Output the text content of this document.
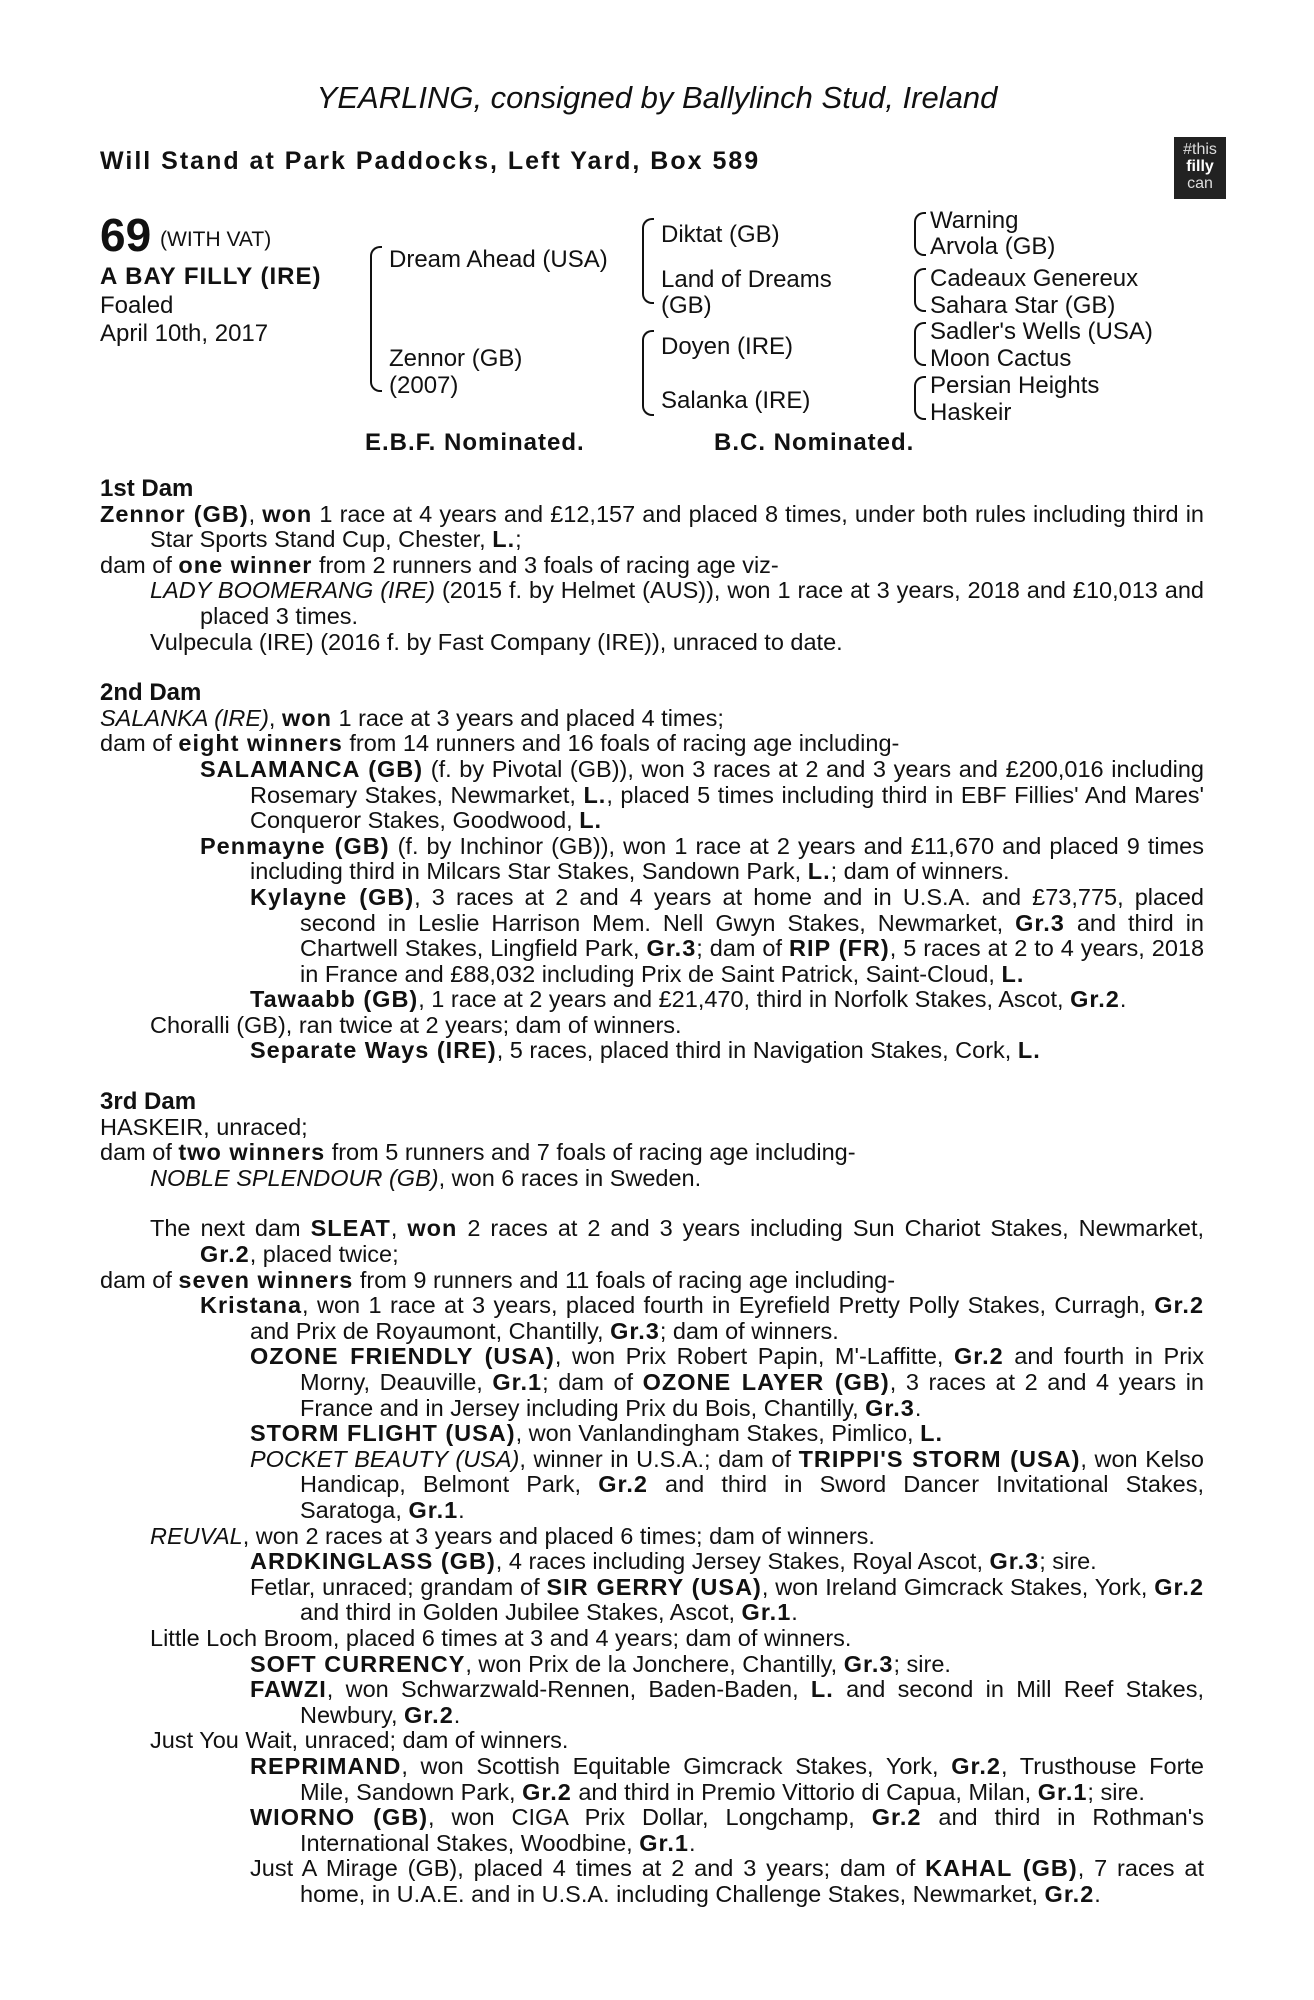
YEARLING, consigned by Ballylinch Stud, Ireland
Will Stand at Park Paddocks, Left Yard, Box 589	#this
filly
can
69 (WITH VAT)
A BAY FILLY (IRE)
Foaled
April 10th, 2017
Dream Ahead (USA)
Zennor (GB)
(2007)
Diktat (GB)
Land of Dreams
(GB)
Doyen (IRE)
Salanka (IRE)
Warning
Arvola (GB)
Cadeaux Genereux
Sahara Star (GB)
Sadler's Wells (USA)
Moon Cactus
Persian Heights
Haskeir
E.B.F. Nominated.	B.C. Nominated.

1st Dam

Zennor (GB), won 1 race at 4 years and £12,157 and placed 8 times, under both rules including third in Star Sports Stand Cup, Chester, L.;

dam of one winner from 2 runners and 3 foals of racing age viz-

LADY BOOMERANG (IRE) (2015 f. by Helmet (AUS)), won 1 race at 3 years, 2018 and £10,013 and placed 3 times.

Vulpecula (IRE) (2016 f. by Fast Company (IRE)), unraced to date.

2nd Dam

SALANKA (IRE), won 1 race at 3 years and placed 4 times;

dam of eight winners from 14 runners and 16 foals of racing age including-

SALAMANCA (GB) (f. by Pivotal (GB)), won 3 races at 2 and 3 years and £200,016 including Rosemary Stakes, Newmarket, L., placed 5 times including third in EBF Fillies' And Mares' Conqueror Stakes, Goodwood, L.

Penmayne (GB) (f. by Inchinor (GB)), won 1 race at 2 years and £11,670 and placed 9 times including third in Milcars Star Stakes, Sandown Park, L.; dam of winners.

Kylayne (GB), 3 races at 2 and 4 years at home and in U.S.A. and £73,775, placed second in Leslie Harrison Mem. Nell Gwyn Stakes, Newmarket, Gr.3 and third in Chartwell Stakes, Lingfield Park, Gr.3; dam of RIP (FR), 5 races at 2 to 4 years, 2018 in France and £88,032 including Prix de Saint Patrick, Saint-Cloud, L.

Tawaabb (GB), 1 race at 2 years and £21,470, third in Norfolk Stakes, Ascot, Gr.2.

Choralli (GB), ran twice at 2 years; dam of winners.

Separate Ways (IRE), 5 races, placed third in Navigation Stakes, Cork, L.

3rd Dam

HASKEIR, unraced;

dam of two winners from 5 runners and 7 foals of racing age including-

NOBLE SPLENDOUR (GB), won 6 races in Sweden.

The next dam SLEAT, won 2 races at 2 and 3 years including Sun Chariot Stakes, Newmarket, Gr.2, placed twice;

dam of seven winners from 9 runners and 11 foals of racing age including-

Kristana, won 1 race at 3 years, placed fourth in Eyrefield Pretty Polly Stakes, Curragh, Gr.2 and Prix de Royaumont, Chantilly, Gr.3; dam of winners.

OZONE FRIENDLY (USA), won Prix Robert Papin, M'-Laffitte, Gr.2 and fourth in Prix Morny, Deauville, Gr.1; dam of OZONE LAYER (GB), 3 races at 2 and 4 years in France and in Jersey including Prix du Bois, Chantilly, Gr.3.

STORM FLIGHT (USA), won Vanlandingham Stakes, Pimlico, L.

POCKET BEAUTY (USA), winner in U.S.A.; dam of TRIPPI'S STORM (USA), won Kelso Handicap, Belmont Park, Gr.2 and third in Sword Dancer Invitational Stakes, Saratoga, Gr.1.

REUVAL, won 2 races at 3 years and placed 6 times; dam of winners.

ARDKINGLASS (GB), 4 races including Jersey Stakes, Royal Ascot, Gr.3; sire.

Fetlar, unraced; grandam of SIR GERRY (USA), won Ireland Gimcrack Stakes, York, Gr.2 and third in Golden Jubilee Stakes, Ascot, Gr.1.

Little Loch Broom, placed 6 times at 3 and 4 years; dam of winners.

SOFT CURRENCY, won Prix de la Jonchere, Chantilly, Gr.3; sire.

FAWZI, won Schwarzwald-Rennen, Baden-Baden, L. and second in Mill Reef Stakes, Newbury, Gr.2.

Just You Wait, unraced; dam of winners.

REPRIMAND, won Scottish Equitable Gimcrack Stakes, York, Gr.2, Trusthouse Forte Mile, Sandown Park, Gr.2 and third in Premio Vittorio di Capua, Milan, Gr.1; sire.

WIORNO (GB), won CIGA Prix Dollar, Longchamp, Gr.2 and third in Rothman's International Stakes, Woodbine, Gr.1.

Just A Mirage (GB), placed 4 times at 2 and 3 years; dam of KAHAL (GB), 7 races at home, in U.A.E. and in U.S.A. including Challenge Stakes, Newmarket, Gr.2.
